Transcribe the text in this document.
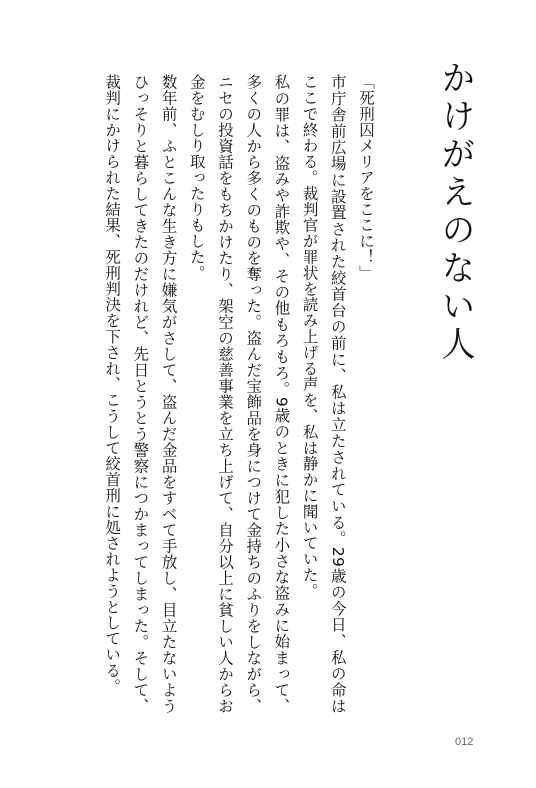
かけがえのない人

「死刑囚メリアをここに！」

市庁舎前広場に設置された絞首台の前に、私は立たされている。29歳の今日、私の命はここで終わる。裁判官が罪状を読み上げる声を、私は静かに聞いていた。

私の罪は、盗みや詐欺や、その他もろもろ。9歳のときに犯した小さな盗みに始まって、多くの人から多くのものを奪った。盗んだ宝飾品を身につけて金持ちのふりをしながら、ニセの投資話をもちかけたり、架空の慈善事業を立ち上げて、自分以上に貧しい人からお金をむしり取ったりもした。

数年前、ふとこんな生き方に嫌気がさして、盗んだ金品をすべて手放し、目立たないようひっそりと暮らしてきたのだけれど、先日とうとう警察につかまってしまった。そして、裁判にかけられた結果、死刑判決を下され、こうして絞首刑に処されようとしている。

012
